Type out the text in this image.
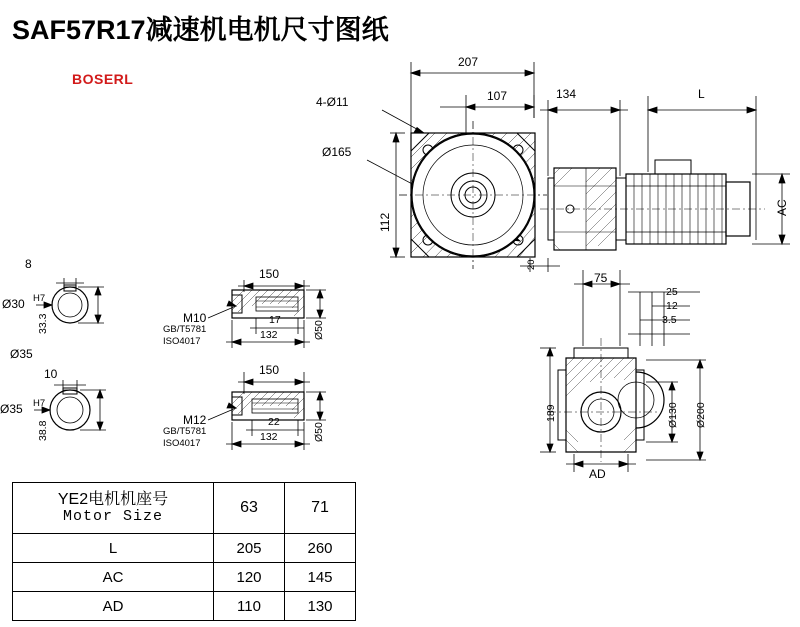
SAF57R17减速机电机尺寸图纸
BOSERL
207
107
4-Ø11
Ø165
112
20
134	L
AC
8
Ø30 H7
33.3
Ø35
10
Ø35 H7
38.8
150
M10
GB/T5781
ISO4017
17
132	Ø50
150
M12
GB/T5781
ISO4017
22
132	Ø50
75
25
12
3.5
189	Ø130 Ø200
AD
YE2电机机座号
Motor Size	63	71
L	205	260
AC	120	145
AD	110	130
